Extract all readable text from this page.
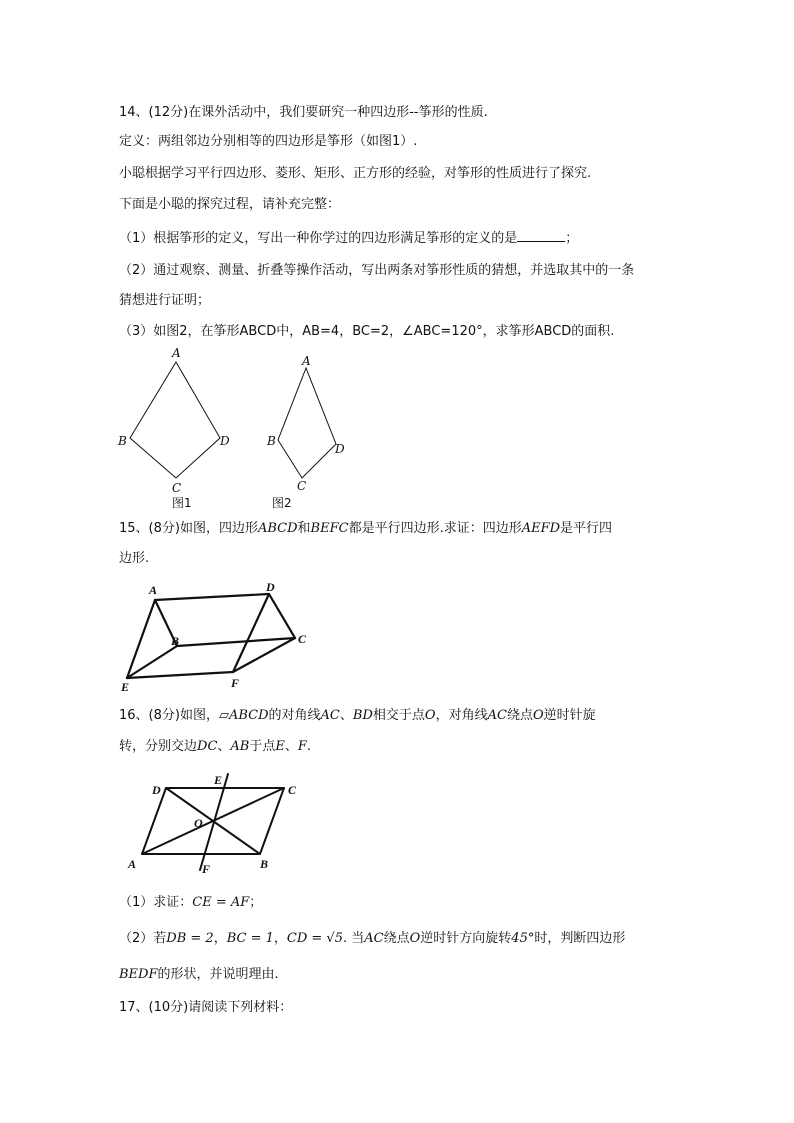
14、(12分)在课外活动中，我们要研究一种四边形--筝形的性质.
定义：两组邻边分别相等的四边形是筝形（如图1）.
小聪根据学习平行四边形、菱形、矩形、正方形的经验，对筝形的性质进行了探究.
下面是小聪的探究过程，请补充完整：
（1）根据筝形的定义，写出一种你学过的四边形满足筝形的定义的是	；
（2）通过观察、测量、折叠等操作活动，写出两条对筝形性质的猜想，并选取其中的一条
猜想进行证明；
（3）如图2，在筝形ABCD中，AB=4，BC=2，∠ABC=120°，求筝形ABCD的面积.
A
B
C
D
图1
A
B
C
D
图2
15、(8分)如图，四边形ABCD和BEFC都是平行四边形.求证：四边形AEFD是平行四
边形.
A
B	C
D
E	F
16、(8分)如图，▱ABCD的对角线AC、BD相交于点O，对角线AC绕点O逆时针旋
转，分别交边DC、AB于点E、F.
D	C
A	B
E
F
O
（1）求证：CE = AF；
（2）若DB = 2，BC = 1，CD = √5. 当AC绕点O逆时针方向旋转45°时，判断四边形
BEDF的形状，并说明理由.
17、(10分)请阅读下列材料：
